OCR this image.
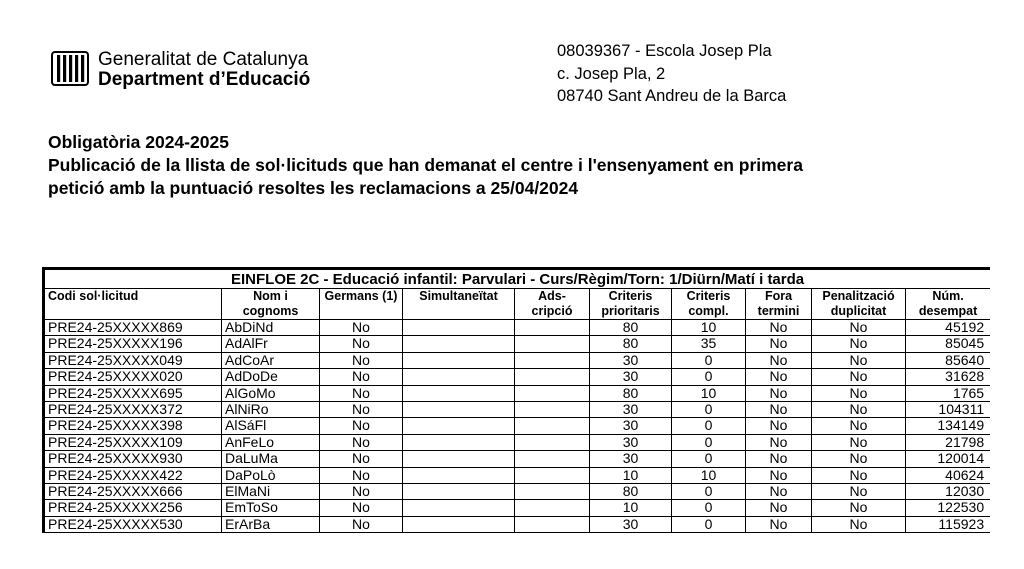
Generalitat de Catalunya
Department d’Educació
08039367 - Escola Josep Pla
c. Josep Pla, 2
08740 Sant Andreu de la Barca
Obligatòria 2024-2025
Publicació de la llista de sol·licituds que han demanat el centre i l'ensenyament en primera
petició amb la puntuació resoltes les reclamacions a 25/04/2024
EINFLOE 2C - Educació infantil: Parvulari - Curs/Règim/Torn: 1/Diürn/Matí i tarda									
Codi sol·licitud	Nom i cognoms	Germans (1)	Simultaneïtat	Ads-cripció	Criteris prioritaris	Criteris compl.	Fora termini	Penalització duplicitat	Núm. desempat
PRE24-25XXXXX869	AbDiNd	No			80	10	No	No	45192
PRE24-25XXXXX196	AdAlFr	No			80	35	No	No	85045
PRE24-25XXXXX049	AdCoAr	No			30	0	No	No	85640
PRE24-25XXXXX020	AdDoDe	No			30	0	No	No	31628
PRE24-25XXXXX695	AlGoMo	No			80	10	No	No	1765
PRE24-25XXXXX372	AlNiRo	No			30	0	No	No	104311
PRE24-25XXXXX398	AlSáFl	No			30	0	No	No	134149
PRE24-25XXXXX109	AnFeLo	No			30	0	No	No	21798
PRE24-25XXXXX930	DaLuMa	No			30	0	No	No	120014
PRE24-25XXXXX422	DaPoLò	No			10	10	No	No	40624
PRE24-25XXXXX666	ElMaNi	No			80	0	No	No	12030
PRE24-25XXXXX256	EmToSo	No			10	0	No	No	122530
PRE24-25XXXXX530	ErArBa	No			30	0	No	No	115923
